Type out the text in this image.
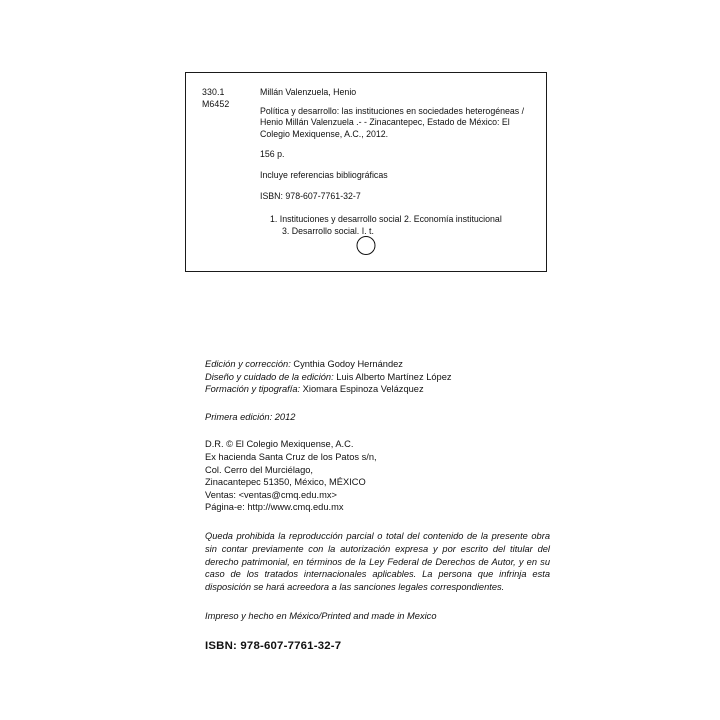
330.1
M6452
Millán Valenzuela, Henio
Política y desarrollo: las instituciones en sociedades heterogéneas / Henio Millán Valenzuela .- - Zinacantepec, Estado de México: El Colegio Mexiquense, A.C., 2012.
156 p.
Incluye referencias bibliográficas
ISBN: 978-607-7761-32-7
1. Instituciones y desarrollo social 2. Economía institucional
3. Desarrollo social. I. t.
Edición y corrección: Cynthia Godoy Hernández
Diseño y cuidado de la edición: Luis Alberto Martínez López
Formación y tipografía: Xiomara Espinoza Velázquez
Primera edición: 2012
D.R. © El Colegio Mexiquense, A.C.
Ex hacienda Santa Cruz de los Patos s/n,
Col. Cerro del Murciélago,
Zinacantepec 51350, México, MÉXICO
Ventas: <ventas@cmq.edu.mx>
Página-e: http://www.cmq.edu.mx
Queda prohibida la reproducción parcial o total del contenido de la presente obra sin contar previamente con la autorización expresa y por escrito del titular del derecho patrimonial, en términos de la Ley Federal de Derechos de Autor, y en su caso de los tratados internacionales aplicables. La persona que infrinja esta disposición se hará acreedora a las sanciones legales correspondientes.
Impreso y hecho en México/Printed and made in Mexico
ISBN: 978-607-7761-32-7
